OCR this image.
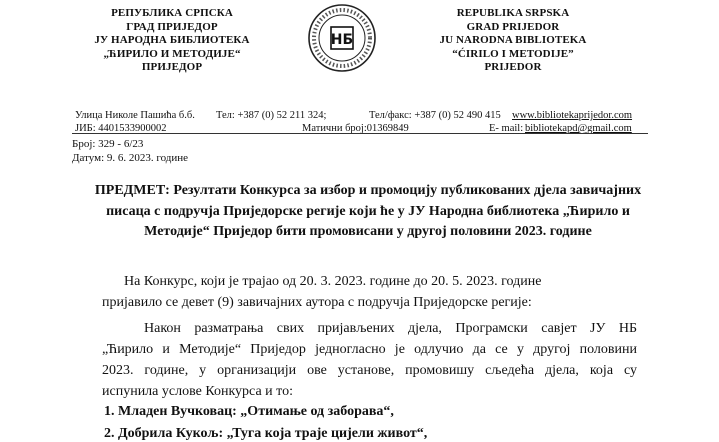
РЕПУБЛИКА СРПСКА
ГРАД ПРИЈЕДОР
ЈУ НАРОДНА БИБЛИОТЕКА
„ЋИРИЛО И МЕТОДИЈЕ“
ПРИЈЕДОР
НБ
REPUBLIKA SRPSKA
GRAD PRIJEDOR
JU NARODNA BIBLIOTEKA
“ĆIRILO I METODIJE”
PRIJEDOR
Улица Николе Пашића б.б. Тел: +387 (0) 52 211 324;	Тел/факс: +387 (0) 52 490 415 www.bibliotekaprijedor.com
ЈИБ: 4401533900002	Матични број:01369849	E- mail: bibliotekapd@gmail.com
Број: 329 - 6/23
Датум: 9. 6. 2023. године
ПРЕДМЕТ: Резултати Конкурса за избор и промоцију публикованих дјела завичајних писаца с подручја Приједорске регије који ће у ЈУ Народна библиотека „Ћирило и Методије“ Приједор бити промовисани у другој половини 2023. године
На Конкурс, који је трајао од 20. 3. 2023. године до 20. 5. 2023. године
пријавило се девет (9) завичајних аутора с подручја Приједорске регије:
Након разматрања свих пријављених дјела, Програмски савјет ЈУ НБ
„Ћирило и Методије“ Приједор једногласно је одлучио да се у другој половини
2023. године, у организацији ове установе, промовишу сљедећа дјела, која су
испунила услове Конкурса и то:
1. Младен Вучковац: „Отимање од заборава“,
2. Добрила Кукољ: „Туга која траје цијели живот“,
